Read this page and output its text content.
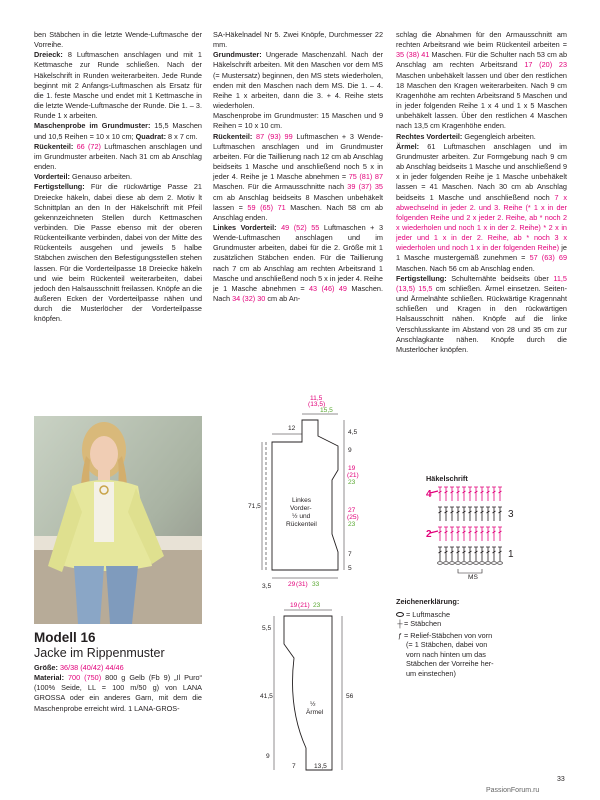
ben Stäbchen in die letzte Wende-Luftmasche der Vorreihe.

Dreieck: 8 Luftmaschen anschlagen und mit 1 Kettmasche zur Runde schließen. Nach der Häkelschrift in Runden weiterarbeiten. Jede Runde beginnt mit 2 Anfangs-Luftmaschen als Ersatz für die 1. feste Masche und endet mit 1 Kettmasche in die letzte Wende-Luftmasche der Runde. Die 1. – 3. Runde 1 x arbeiten.

Maschenprobe im Grundmuster: 15,5 Maschen und 10,5 Reihen = 10 x 10 cm; Quadrat: 8 x 7 cm.

Rückenteil: 66 (72) Luftmaschen anschlagen und im Grundmuster arbeiten. Nach 31 cm ab Anschlag enden.

Vorderteil: Genauso arbeiten.

Fertigstellung: Für die rückwärtige Passe 21 Dreiecke häkeln, dabei diese ab dem 2. Motiv lt Schnittplan an den In der Häkelschrift mit Pfeil gekennzeichneten Stellen durch Kettmaschen verbinden. Die Passe ebenso mit der oberen Rückenteilkante verbinden, dabei von der Mitte des Rückenteils ausgehen und jeweils 5 halbe Stäbchen zwischen den Befestigungsstellen stehen lassen. Für die Vorderteilpasse 18 Dreiecke häkeln und wie beim Rückenteil weiterarbeiten, dabei jedoch den Halsausschnitt freilassen. Knöpfe an die äußeren Ecken der Vorderteilpasse nähen und durch die Musterlöcher der Vorderteilpasse knöpfen.

Modell 16
Jacke im Rippenmuster

Größe: 36/38 (40/42) 44/46

Material: 700 (750) 800 g Gelb (Fb 9) „Il Puro“ (100% Seide, LL = 100 m/50 g) von LANA GROSSA oder ein anderes Garn, mit dem die Maschenprobe erreicht wird. 1 LANA-GROS-

SA-Häkelnadel Nr 5. Zwei Knöpfe, Durchmesser 22 mm.

Grundmuster: Ungerade Maschenzahl. Nach der Häkelschrift arbeiten. Mit den Maschen vor dem MS (= Mustersatz) beginnen, den MS stets wiederholen, enden mit den Maschen nach dem MS. Die 1. – 4. Reihe 1 x arbeiten, dann die 3. + 4. Reihe stets wiederholen.

Maschenprobe im Grundmuster: 15 Maschen und 9 Reihen = 10 x 10 cm.

Rückenteil: 87 (93) 99 Luftmaschen + 3 Wende-Luftmaschen anschlagen und im Grundmuster arbeiten. Für die Taillierung nach 12 cm ab Anschlag beidseits 1 Masche und anschließend noch 5 x in jeder 4. Reihe je 1 Masche abnehmen = 75 (81) 87 Maschen. Für die Armausschnitte nach 39 (37) 35 cm ab Anschlag beidseits 8 Maschen unbehäkelt lassen = 59 (65) 71 Maschen. Nach 58 cm ab Anschlag enden.

Linkes Vorderteil: 49 (52) 55 Luftmaschen + 3 Wende-Luftmaschen anschlagen und im Grundmuster arbeiten, dabei für die 2. Größe mit 1 zusätzlichen Stäbchen enden. Für die Taillierung nach 7 cm ab Anschlag am rechten Arbeitsrand 1 Masche und anschließend noch 5 x in jeder 4. Reihe je 1 Masche abnehmen = 43 (46) 49 Maschen. Nach 34 (32) 30 cm ab An-

schlag die Abnahmen für den Armausschnitt am rechten Arbeitsrand wie beim Rückenteil arbeiten = 35 (38) 41 Maschen. Für die Schulter nach 53 cm ab Anschlag am rechten Arbeitsrand 17 (20) 23 Maschen unbehäkelt lassen und über den restlichen 18 Maschen den Kragen weiterarbeiten. Nach 9 cm Kragenhöhe am rechten Arbeitsrand 5 Maschen und in jeder folgenden Reihe 1 x 4 und 1 x 5 Maschen unbehäkelt lassen. Über den restlichen 4 Maschen nach 13,5 cm Kragenhöhe enden.

Rechtes Vorderteil: Gegengleich arbeiten.

Ärmel: 61 Luftmaschen anschlagen und im Grundmuster arbeiten. Zur Formgebung nach 9 cm ab Anschlag beidseits 1 Masche und anschließend 9 x in jeder folgenden Reihe je 1 Masche unbehäkelt lassen = 41 Maschen. Nach 30 cm ab Anschlag beidseits 1 Masche und anschließend noch 7 x abwechselnd in jeder 2. und 3. Reihe (* 1 x in der folgenden Reihe und 2 x jeder 2. Reihe, ab * noch 2 x wiederholen und noch 1 x in der 2. Reihe) * 2 x in jeder und 1 x in der 2. Reihe, ab * noch 3 x wiederholen und noch 1 x in der folgenden Reihe) je 1 Masche mustergemäß zunehmen = 57 (63) 69 Maschen. Nach 56 cm ab Anschlag enden.

Fertigstellung: Schulternähte beidseits über 11,5 (13,5) 15,5 cm schließen. Ärmel einsetzen. Seiten- und Ärmelnähte schließen. Rückwärtige Kragennaht schließen und Kragen in den rückwärtigen Halsausschnitt nähen. Knöpfe auf die linke Verschlusskante im Abstand von 28 und 35 cm zur Anschlagkante nähen. Knöpfe durch die Musterlöcher knöpfen.

12
11,5
(13,5)
15,5
4,5
9
19
(21)
23
27
(25)
23
7
5
71,5
Linkes
Vorder-
½ und
Rückenteil
29 (31) 33
3,5
19 (21) 23
5,5
41,5
9
56
½
Ärmel
7	13,5
Häkelschrift
4
2
3
1
MS
Zeichenerklärung:
= Luftmasche
┼= Stäbchen
ƒ = Relief-Stäbchen von vorn
(= 1 Stäbchen, dabei von
vorn nach hinten um das
Stäbchen der Vorreihe her-
um einstechen)
33
PassionForum.ru
